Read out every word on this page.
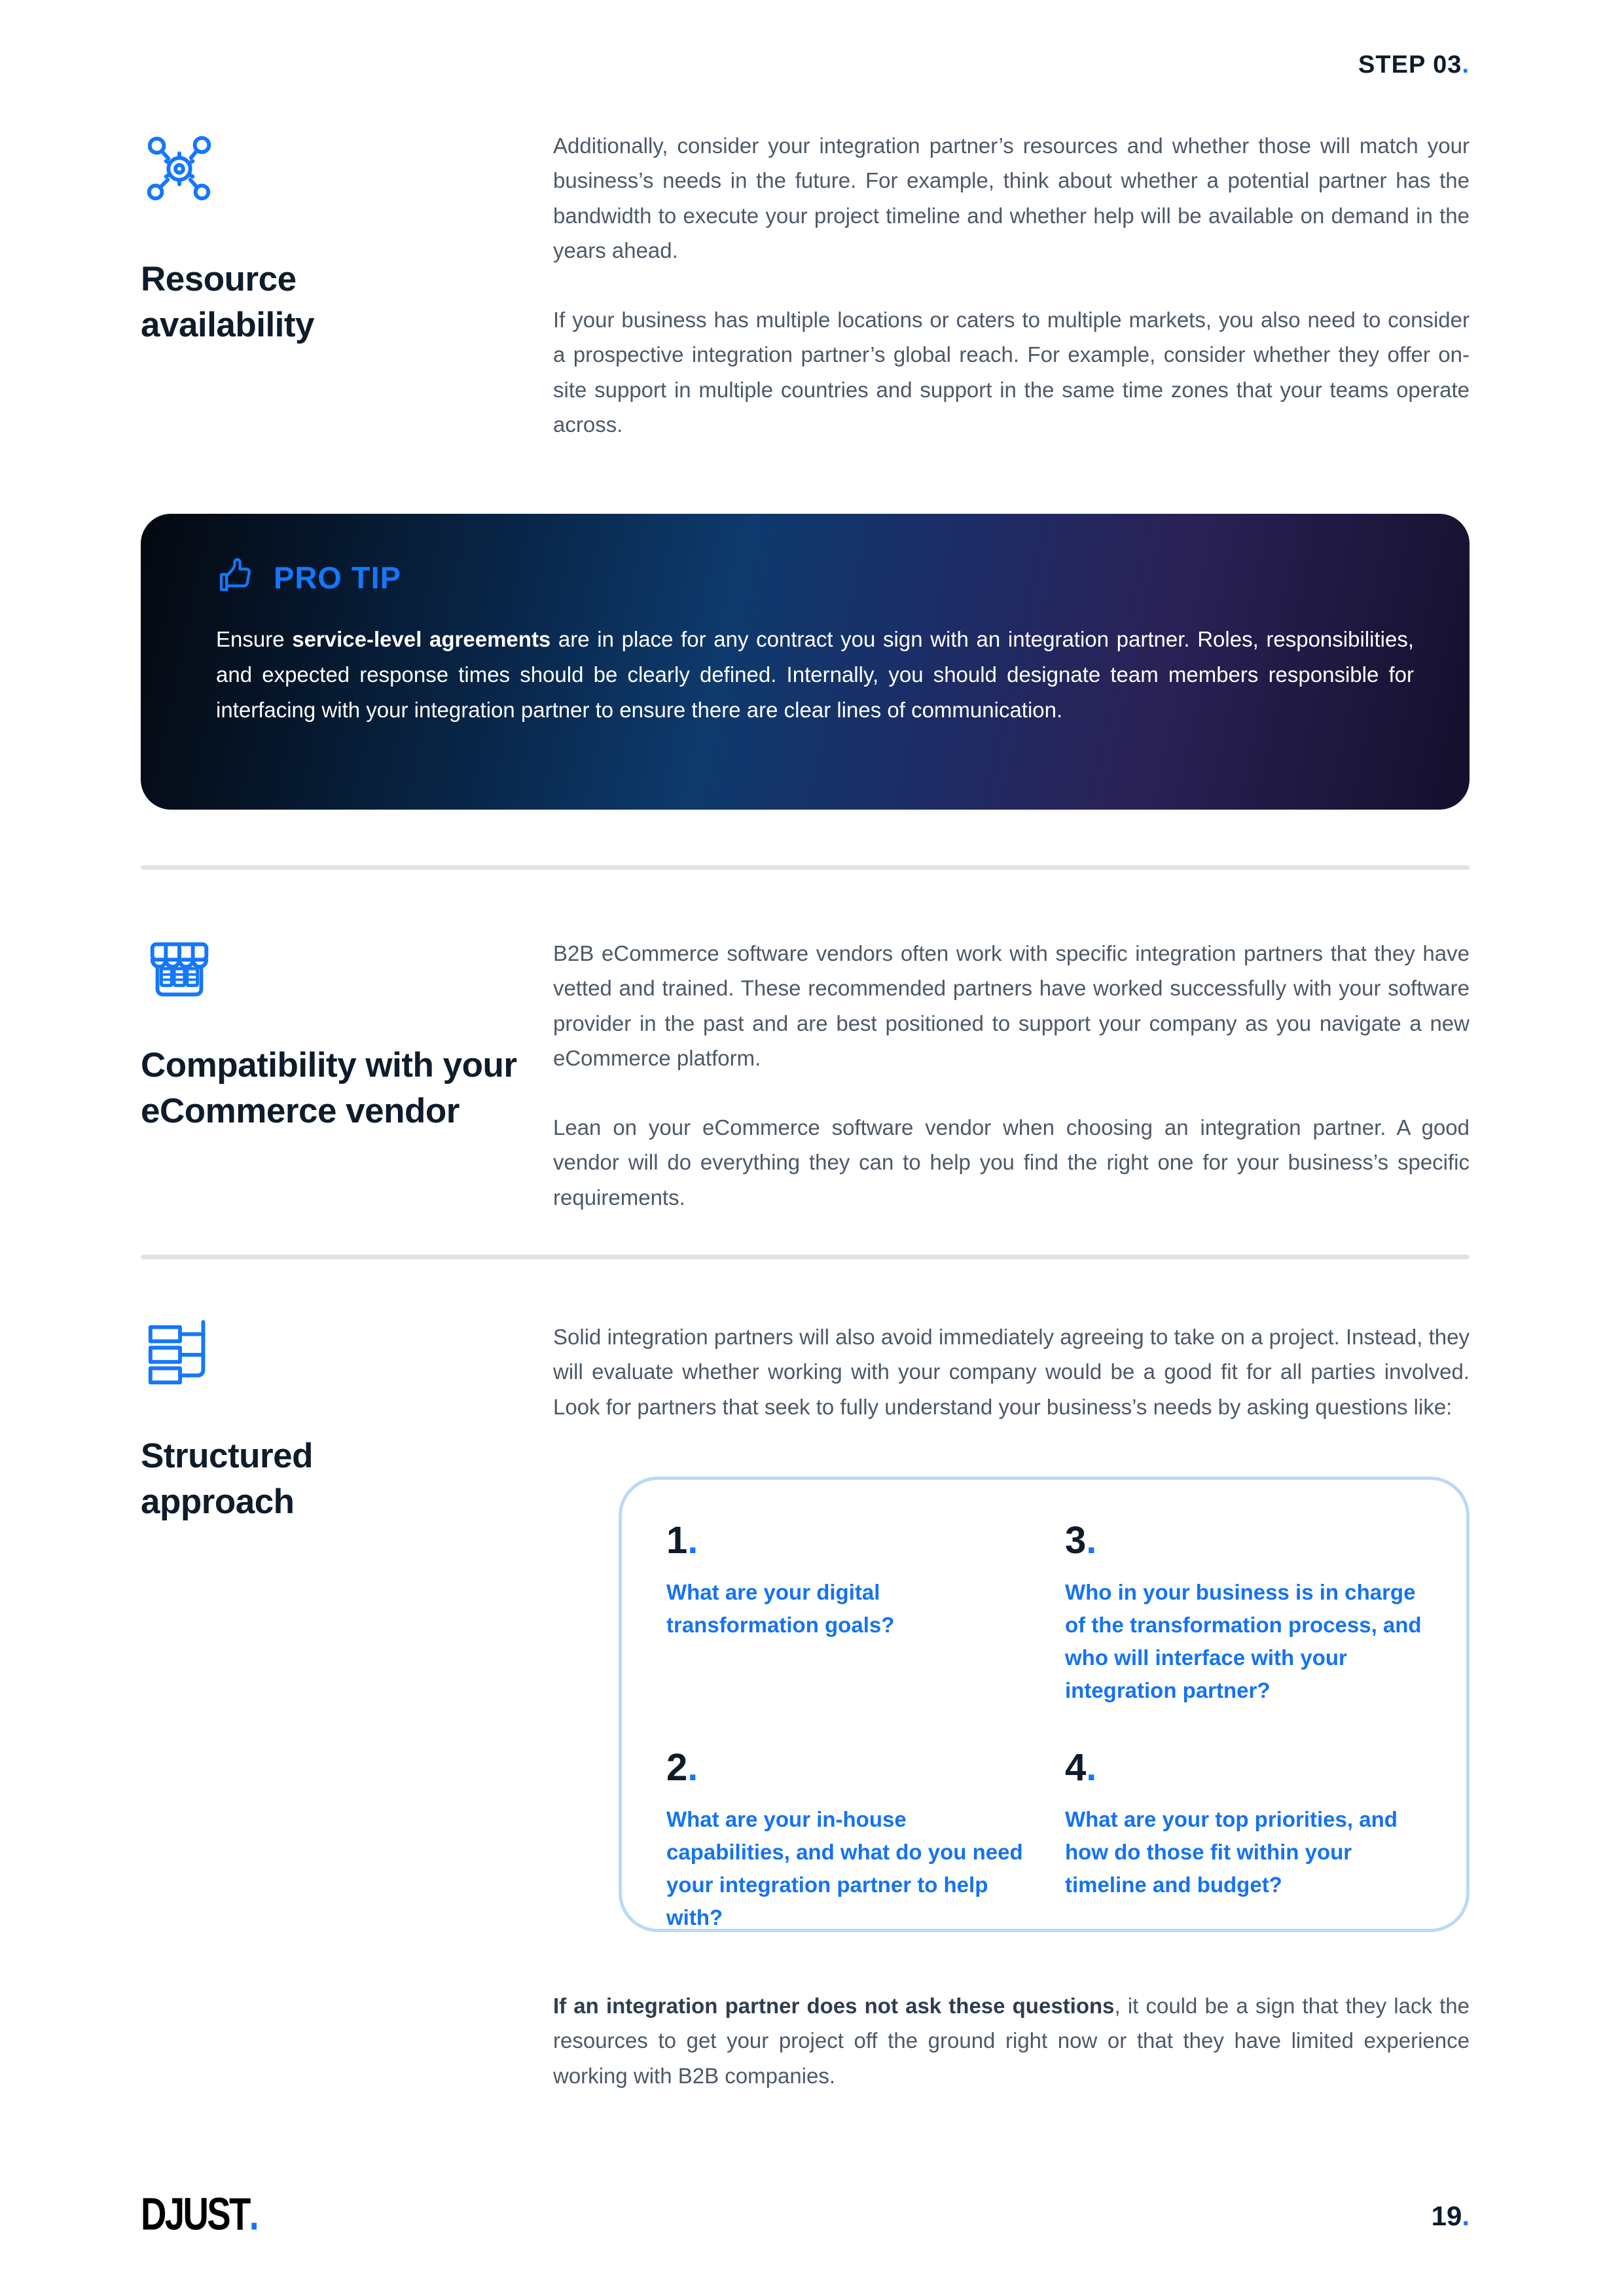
STEP 03.
Resource availability

Additionally, consider your integration partner’s resources and whether those will match your business’s needs in the future. For example, think about whether a potential partner has the bandwidth to execute your project timeline and whether help will be available on demand in the years ahead.

If your business has multiple locations or caters to multiple markets, you also need to consider a prospective integration partner’s global reach. For example, consider whether they offer on-site support in multiple countries and support in the same time zones that your teams operate across.

PRO TIP
Ensure service-level agreements are in place for any contract you sign with an integration partner. Roles, responsibilities, and expected response times should be clearly defined. Internally, you should designate team members responsible for interfacing with your integration partner to ensure there are clear lines of communication.
Compatibility with your eCommerce vendor

B2B eCommerce software vendors often work with specific integration partners that they have vetted and trained. These recommended partners have worked successfully with your software provider in the past and are best positioned to support your company as you navigate a new eCommerce platform.

Lean on your eCommerce software vendor when choosing an integration partner. A good vendor will do everything they can to help you find the right one for your business’s specific requirements.

Structured approach

Solid integration partners will also avoid immediately agreeing to take on a project. Instead, they will evaluate whether working with your company would be a good fit for all parties involved. Look for partners that seek to fully understand your business’s needs by asking questions like:

1.
What are your digital transformation goals?
3.
Who in your business is in charge of the transformation process, and who will interface with your integration partner?
2.
What are your in-house capabilities, and what do you need your integration partner to help with?
4.
What are your top priorities, and how do those fit within your timeline and budget?

If an integration partner does not ask these questions, it could be a sign that they lack the resources to get your project off the ground right now or that they have limited experience working with B2B companies.

DJUST.	19.
